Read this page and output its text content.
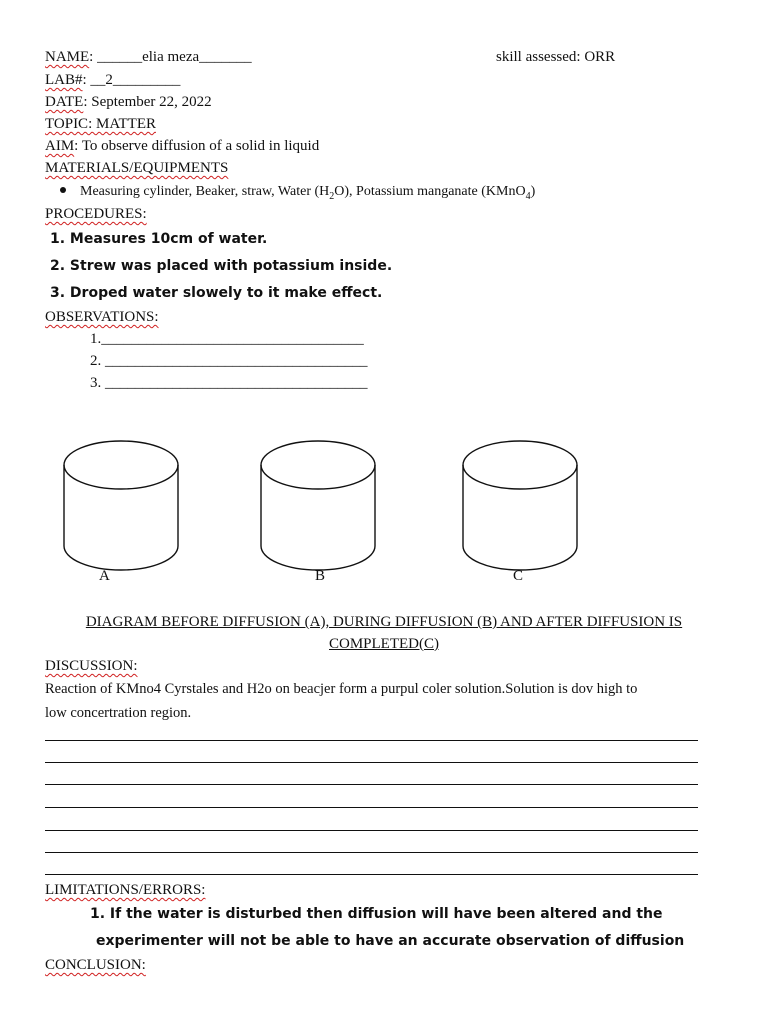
NAME: ______elia meza_______	skill assessed: ORR
LAB#: __2_________
DATE: September 22, 2022
TOPIC: MATTER
AIM: To observe diffusion of a solid in liquid
MATERIALS/EQUIPMENTS
Measuring cylinder, Beaker, straw, Water $(H_2O)$, Potassium manganate (KMnO$_4$)
PROCEDURES:
1. Measures 10cm of water.
2. Strew was placed with potassium inside.
3. Droped water slowely to it make effect.
OBSERVATIONS:
1.___________________________________
2. ___________________________________
3. ___________________________________
A	B	C
DIAGRAM BEFORE DIFFUSION (A), DURING DIFFUSION (B) AND AFTER DIFFUSION IS
COMPLETED(C)
DISCUSSION:
Reaction of KMno4 Cyrstales and H2o on beacjer form a purpul coler solution.Solution is dov high to
low concertration region.
LIMITATIONS/ERRORS:
1. If the water is disturbed then diffusion will have been altered and the
experimenter will not be able to have an accurate observation of diffusion
CONCLUSION:
